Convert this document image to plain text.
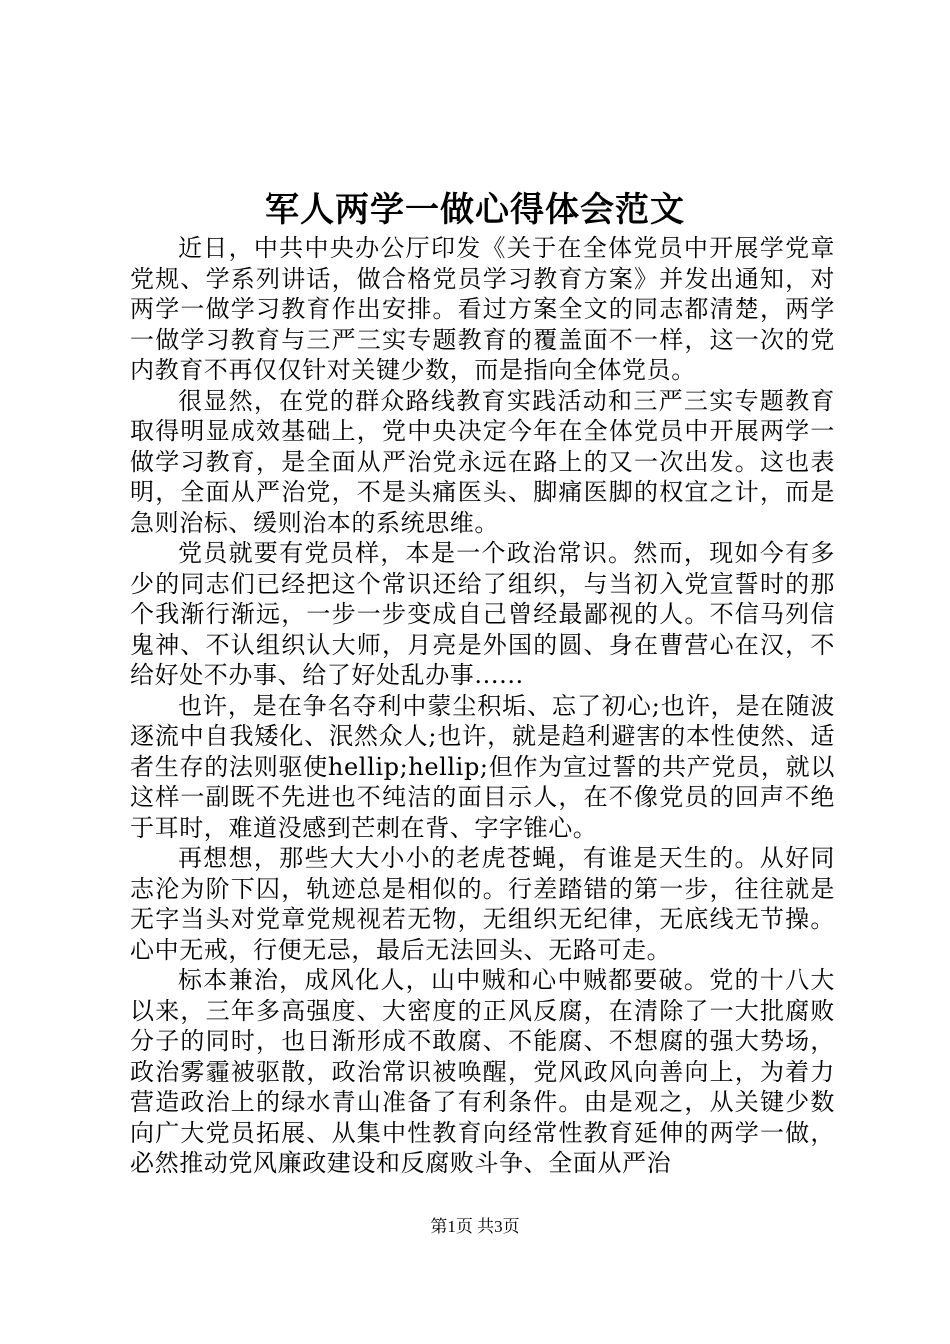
军人两学一做心得体会范文

近日，中共中央办公厅印发《关于在全体党员中开展学党章党规、学系列讲话，做合格党员学习教育方案》并发出通知，对两学一做学习教育作出安排。看过方案全文的同志都清楚，两学一做学习教育与三严三实专题教育的覆盖面不一样，这一次的党内教育不再仅仅针对关键少数，而是指向全体党员。

很显然，在党的群众路线教育实践活动和三严三实专题教育取得明显成效基础上，党中央决定今年在全体党员中开展两学一做学习教育，是全面从严治党永远在路上的又一次出发。这也表明，全面从严治党，不是头痛医头、脚痛医脚的权宜之计，而是急则治标、缓则治本的系统思维。

党员就要有党员样，本是一个政治常识。然而，现如今有多少的同志们已经把这个常识还给了组织，与当初入党宣誓时的那个我渐行渐远，一步一步变成自己曾经最鄙视的人。不信马列信鬼神、不认组织认大师，月亮是外国的圆、身在曹营心在汉，不给好处不办事、给了好处乱办事......

也许，是在争名夺利中蒙尘积垢、忘了初心;也许，是在随波逐流中自我矮化、泯然众人;也许，就是趋利避害的本性使然、适者生存的法则驱使hellip;hellip;但作为宣过誓的共产党员，就以这样一副既不先进也不纯洁的面目示人，在不像党员的回声不绝于耳时，难道没感到芒刺在背、字字锥心。

再想想，那些大大小小的老虎苍蝇，有谁是天生的。从好同志沦为阶下囚，轨迹总是相似的。行差踏错的第一步，往往就是无字当头对党章党规视若无物，无组织无纪律，无底线无节操。心中无戒，行便无忌，最后无法回头、无路可走。

标本兼治，成风化人，山中贼和心中贼都要破。党的十八大以来，三年多高强度、大密度的正风反腐，在清除了一大批腐败分子的同时，也日渐形成不敢腐、不能腐、不想腐的强大势场，政治雾霾被驱散，政治常识被唤醒，党风政风向善向上，为着力营造政治上的绿水青山准备了有利条件。由是观之，从关键少数向广大党员拓展、从集中性教育向经常性教育延伸的两学一做，必然推动党风廉政建设和反腐败斗争、全面从严治

第1页 共3页
